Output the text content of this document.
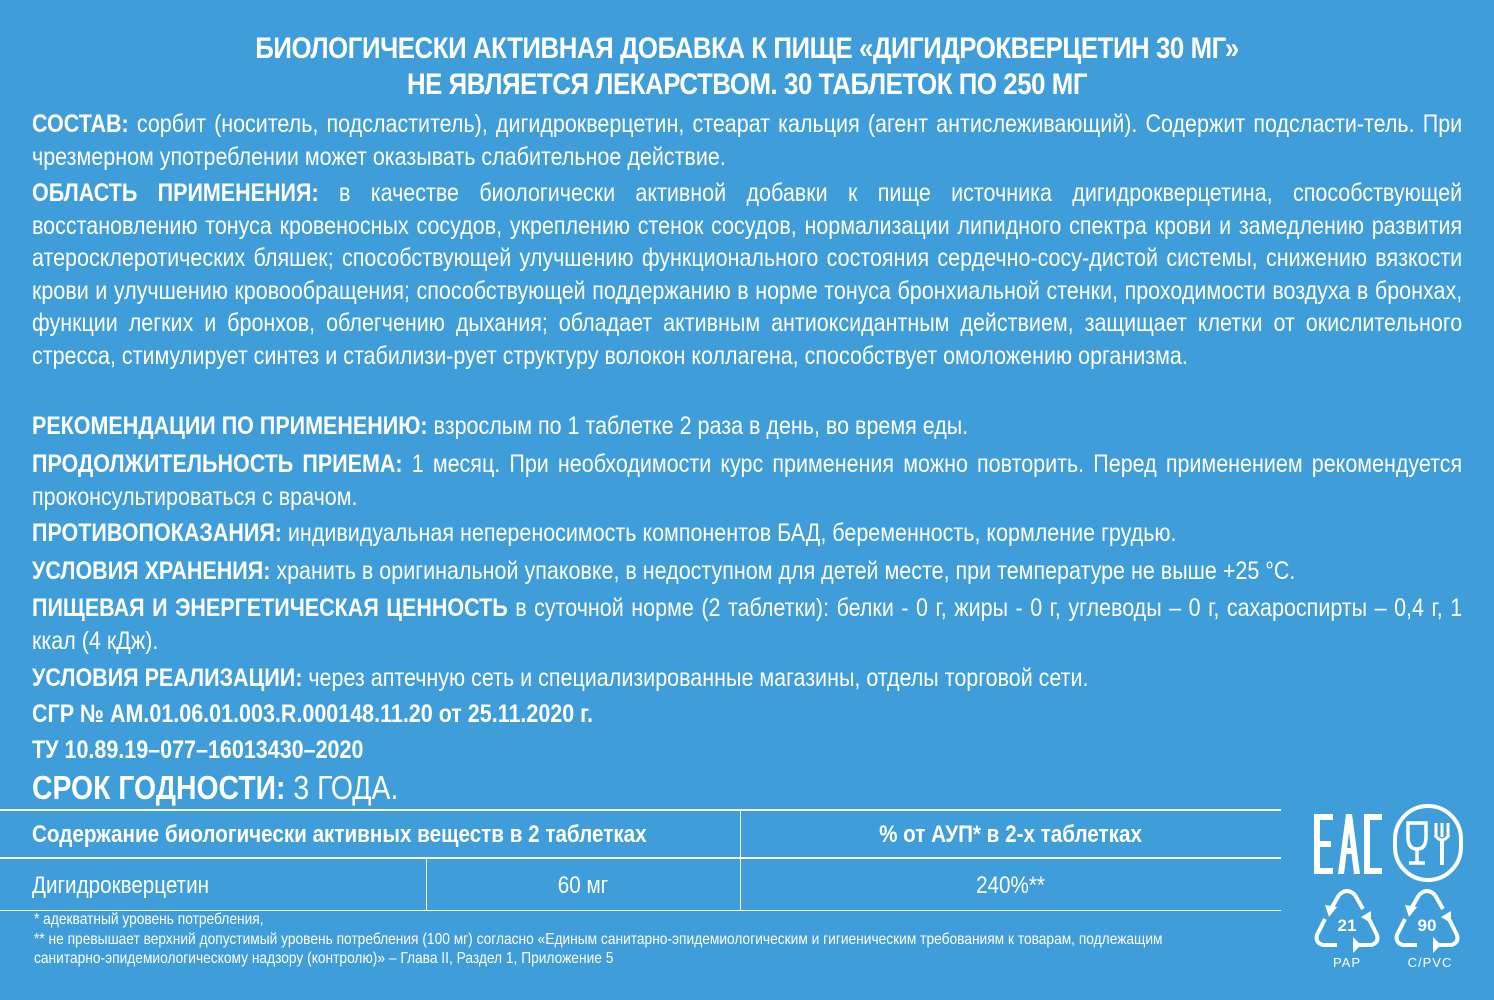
БИОЛОГИЧЕСКИ АКТИВНАЯ ДОБАВКА К ПИЩЕ «ДИГИДРОКВЕРЦЕТИН 30 МГ»
НЕ ЯВЛЯЕТСЯ ЛЕКАРСТВОМ. 30 ТАБЛЕТОК ПО 250 МГ
СОСТАВ: сорбит (носитель, подсластитель), дигидрокверцетин, стеарат кальция (агент антислеживающий). Содержит подсласти-тель. При чрезмерном употреблении может оказывать слабительное действие.
ОБЛАСТЬ ПРИМЕНЕНИЯ: в качестве биологически активной добавки к пище источника дигидрокверцетина, способствующей восстановлению тонуса кровеносных сосудов, укреплению стенок сосудов, нормализации липидного спектра крови и замедлению развития атеросклеротических бляшек; способствующей улучшению функционального состояния сердечно-сосу-дистой системы, снижению вязкости крови и улучшению кровообращения; способствующей поддержанию в норме тонуса бронхиальной стенки, проходимости воздуха в бронхах, функции легких и бронхов, облегчению дыхания; обладает активным антиоксидантным действием, защищает клетки от окислительного стресса, стимулирует синтез и стабилизи-рует структуру волокон коллагена, способствует омоложению организма.
РЕКОМЕНДАЦИИ ПО ПРИМЕНЕНИЮ: взрослым по 1 таблетке 2 раза в день, во время еды.
ПРОДОЛЖИТЕЛЬНОСТЬ ПРИЕМА: 1 месяц. При необходимости курс применения можно повторить. Перед применением рекомендуется проконсультироваться с врачом.
ПРОТИВОПОКАЗАНИЯ: индивидуальная непереносимость компонентов БАД, беременность, кормление грудью.
УСЛОВИЯ ХРАНЕНИЯ: хранить в оригинальной упаковке, в недоступном для детей месте, при температуре не выше +25 °С.
ПИЩЕВАЯ И ЭНЕРГЕТИЧЕСКАЯ ЦЕННОСТЬ в суточной норме (2 таблетки): белки - 0 г, жиры - 0 г, углеводы – 0 г, сахароспирты – 0,4 г, 1 ккал (4 кДж).
УСЛОВИЯ РЕАЛИЗАЦИИ: через аптечную сеть и специализированные магазины, отделы торговой сети.
СГР № AM.01.06.01.003.R.000148.11.20 от 25.11.2020 г.
ТУ 10.89.19–077–16013430–2020
СРОК ГОДНОСТИ: 3 ГОДА.
Содержание биологически активных веществ в 2 таблетках	% от АУП* в 2-х таблетках
Дигидрокверцетин	60 мг	240%**
* адекватный уровень потребления,
** не превышает верхний допустимый уровень потребления (100 мг) согласно «Единым санитарно-эпидемиологическим и гигиеническим требованиям к товарам, подлежащим
санитарно-эпидемиологическому надзору (контролю)» – Глава II, Раздел 1, Приложение 5
21
PAP
90
C/PVC
